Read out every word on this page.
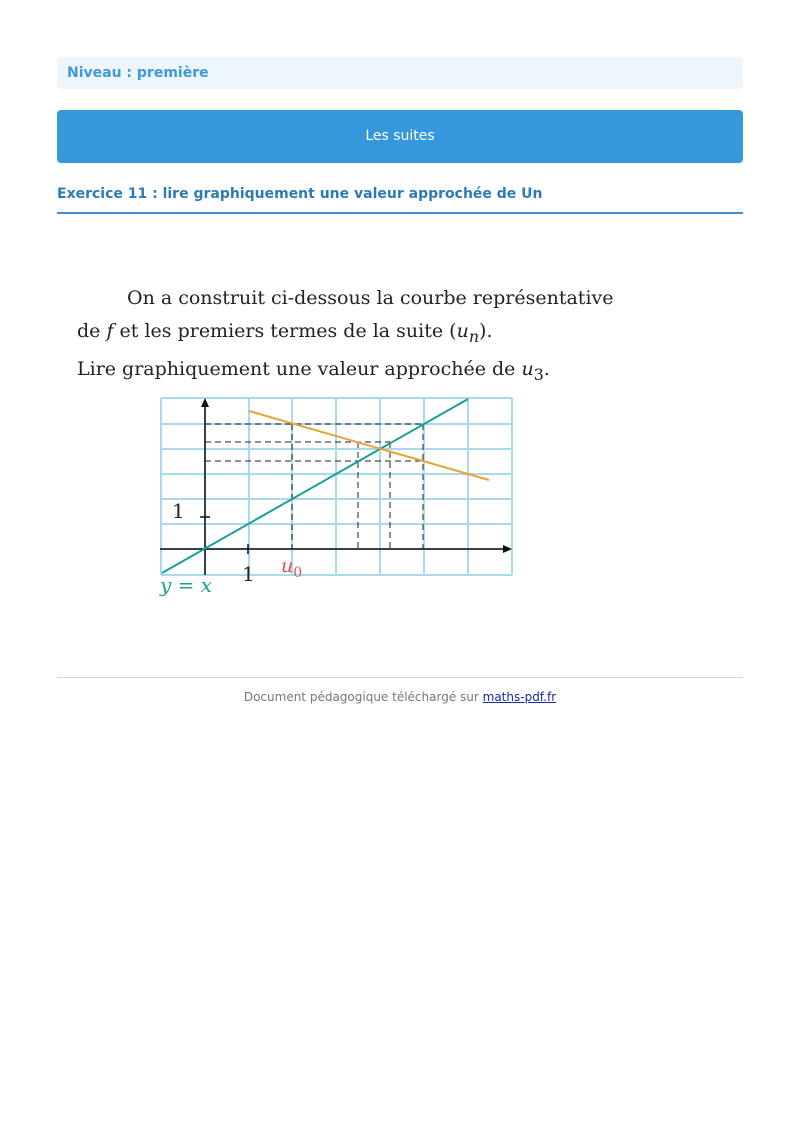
Niveau : première
Les suites
Exercice 11 : lire graphiquement une valeur approchée de Un

On a construit ci-dessous la courbe représentative

de f et les premiers termes de la suite $(u_n)$.

Lire graphiquement une valeur approchée de $u_3$.

1
1 $u_0$
y = x
Document pédagogique téléchargé sur maths-pdf.fr
